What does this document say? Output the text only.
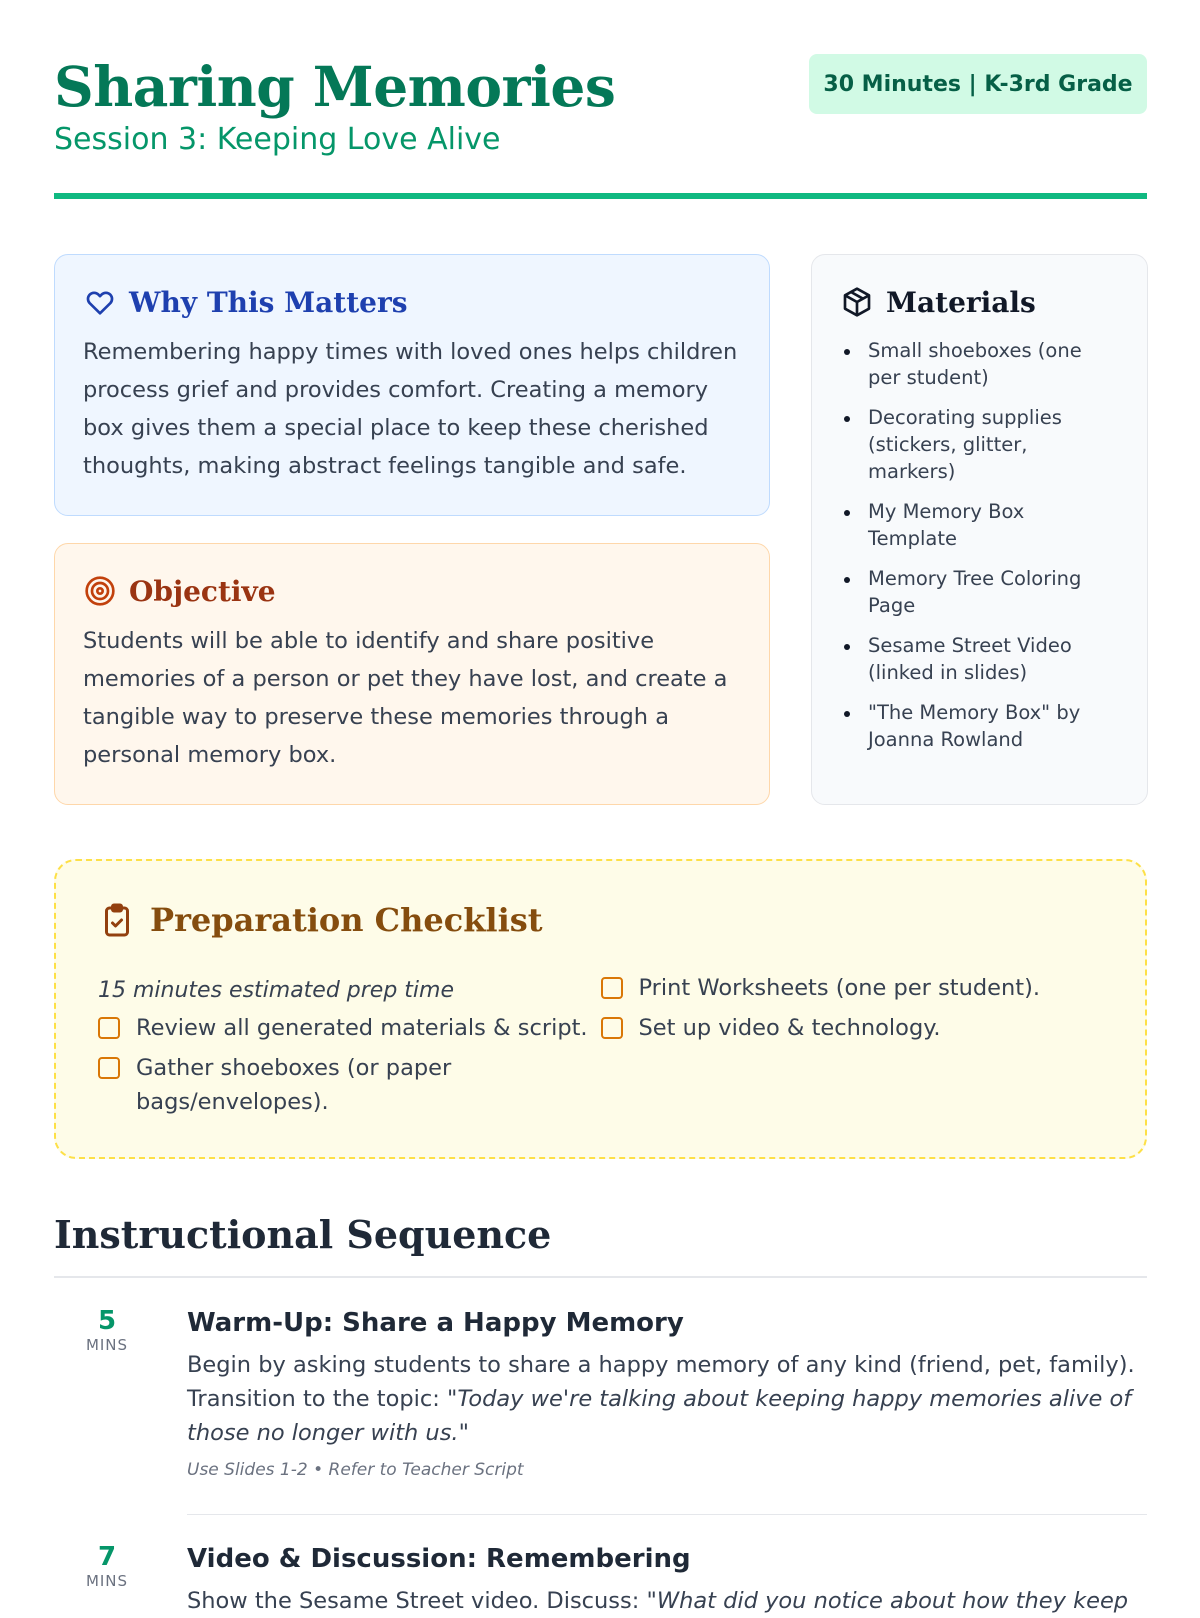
Sharing Memories
Session 3: Keeping Love Alive
30 Minutes | K-3rd Grade
Why This Matters
Remembering happy times with loved ones helps children process grief and provides comfort. Creating a memory box gives them a special place to keep these cherished thoughts, making abstract feelings tangible and safe.
Objective
Students will be able to identify and share positive memories of a person or pet they have lost, and create a tangible way to preserve these memories through a personal memory box.
Materials
Small shoeboxes (one per student)
Decorating supplies (stickers, glitter, markers)
My Memory Box Template
Memory Tree Coloring Page
Sesame Street Video (linked in slides)
"The Memory Box" by Joanna Rowland
Preparation Checklist
15 minutes estimated prep time
Review all generated materials & script.
Gather shoeboxes (or paper bags/envelopes).
Print Worksheets (one per student).
Set up video & technology.
Instructional Sequence
5
MINS
Warm-Up: Share a Happy Memory
Begin by asking students to share a happy memory of any kind (friend, pet, family). Transition to the topic: "Today we're talking about keeping happy memories alive of those no longer with us."
Use Slides 1-2 • Refer to Teacher Script
7
MINS
Video & Discussion: Remembering
Show the Sesame Street video. Discuss: "What did you notice about how they keep
